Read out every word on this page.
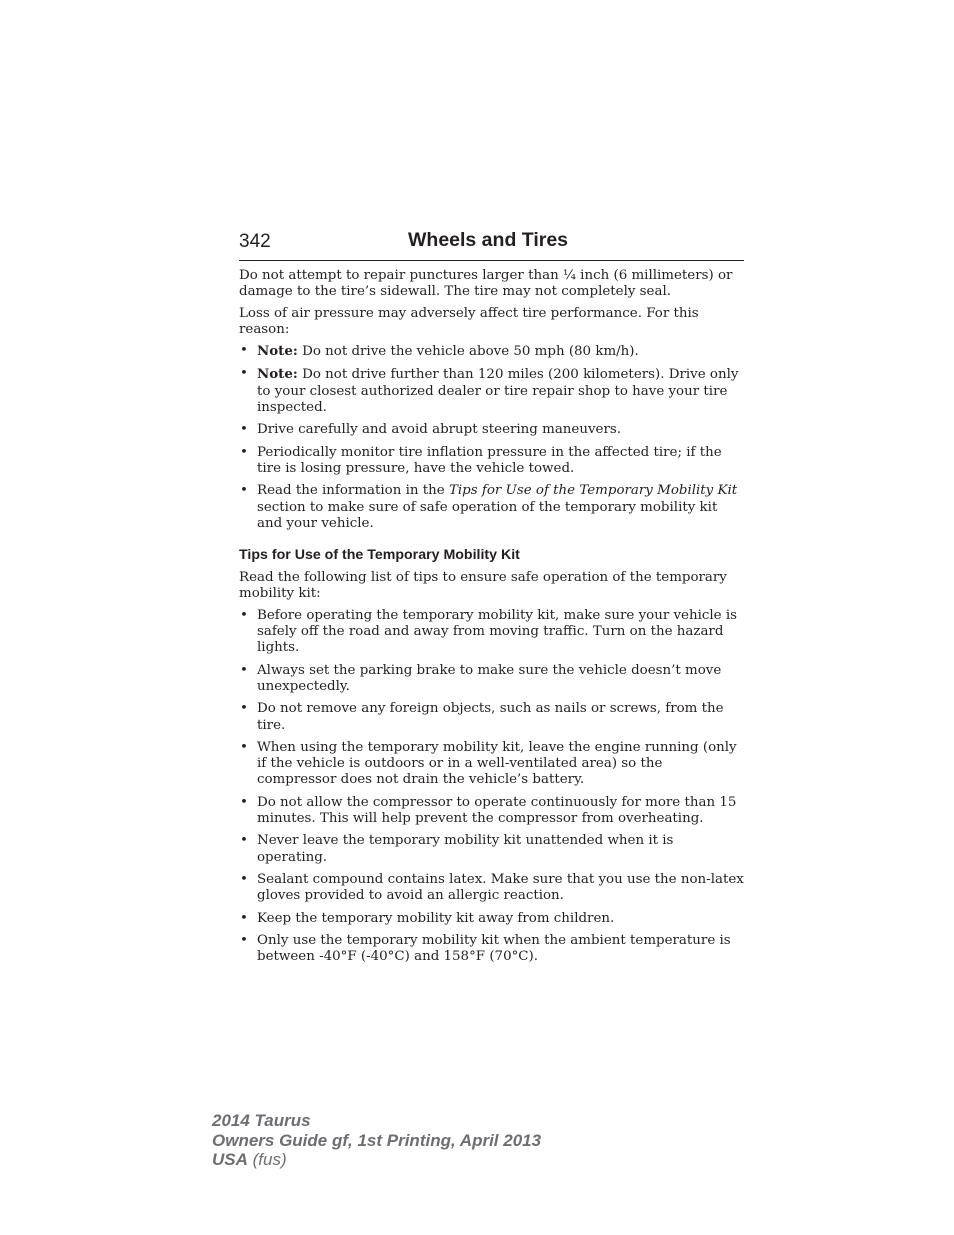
342	Wheels and Tires

Do not attempt to repair punctures larger than ¼ inch (6 millimeters) or damage to the tire’s sidewall. The tire may not completely seal.

Loss of air pressure may adversely affect tire performance. For this reason:

• Note: Do not drive the vehicle above 50 mph (80 km/h).
• Note: Do not drive further than 120 miles (200 kilometers). Drive only to your closest authorized dealer or tire repair shop to have your tire inspected.
• Drive carefully and avoid abrupt steering maneuvers.
• Periodically monitor tire inflation pressure in the affected tire; if the tire is losing pressure, have the vehicle towed.
• Read the information in the Tips for Use of the Temporary Mobility Kit section to make sure of safe operation of the temporary mobility kit and your vehicle.
Tips for Use of the Temporary Mobility Kit

Read the following list of tips to ensure safe operation of the temporary mobility kit:

• Before operating the temporary mobility kit, make sure your vehicle is safely off the road and away from moving traffic. Turn on the hazard lights.
• Always set the parking brake to make sure the vehicle doesn’t move unexpectedly.
• Do not remove any foreign objects, such as nails or screws, from the tire.
• When using the temporary mobility kit, leave the engine running (only if the vehicle is outdoors or in a well-ventilated area) so the compressor does not drain the vehicle’s battery.
• Do not allow the compressor to operate continuously for more than 15 minutes. This will help prevent the compressor from overheating.
• Never leave the temporary mobility kit unattended when it is operating.
• Sealant compound contains latex. Make sure that you use the non-latex gloves provided to avoid an allergic reaction.
• Keep the temporary mobility kit away from children.
• Only use the temporary mobility kit when the ambient temperature is between -40°F (-40°C) and 158°F (70°C).
2014 Taurus
Owners Guide gf, 1st Printing, April 2013
USA (fus)
